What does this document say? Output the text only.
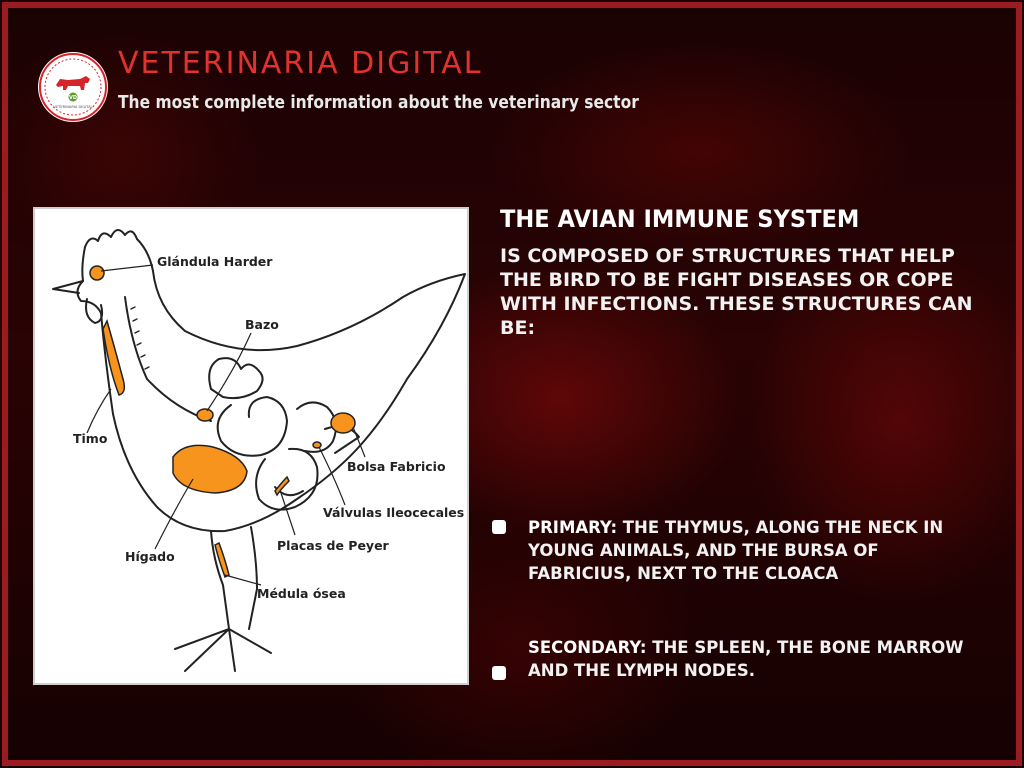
VD
VETERINARIA DIGITAL
VETERINARIA DIGITAL
The most complete information about the veterinary sector
Glándula Harder
Bazo
Timo
Bolsa Fabricio
Válvulas Ileocecales
Placas de Peyer
Hígado
Médula ósea
THE AVIAN IMMUNE SYSTEM
IS COMPOSED OF STRUCTURES THAT HELP THE BIRD TO BE FIGHT DISEASES OR COPE WITH INFECTIONS. THESE STRUCTURES CAN BE:
PRIMARY: THE THYMUS, ALONG THE NECK IN YOUNG ANIMALS, AND THE BURSA OF FABRICIUS, NEXT TO THE CLOACA
SECONDARY: THE SPLEEN, THE BONE MARROW AND THE LYMPH NODES.
